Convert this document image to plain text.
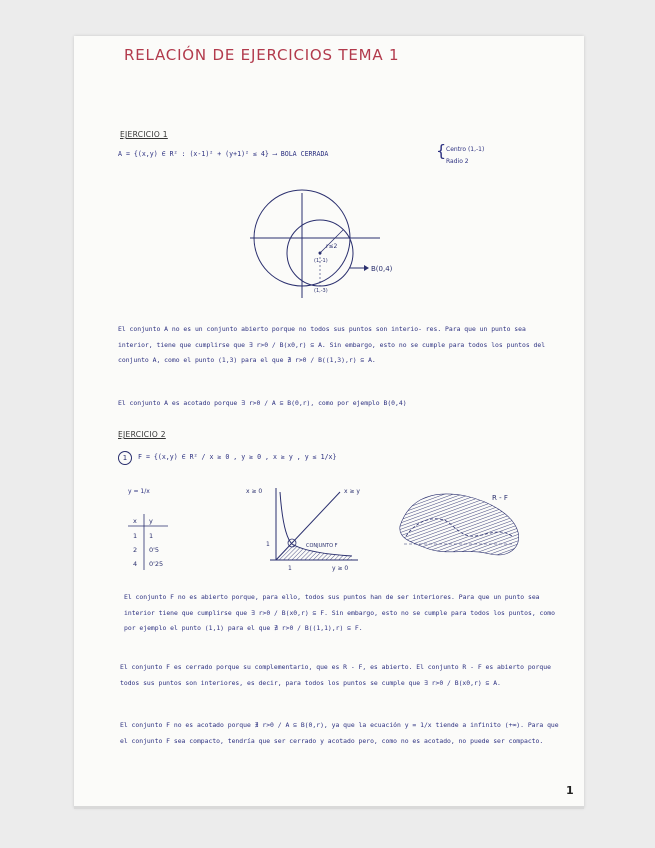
RELACIÓN DE EJERCICIOS TEMA 1
EJERCICIO 1
A = {(x,y) ∈ R² : (x-1)² + (y+1)² ≤ 4} ⟶ BOLA CERRADA	{ Centro (1,-1)
Radio 2
r≤2
(1,-1)
(1,-3)
B(0,4)
El conjunto A no es un conjunto abierto porque no todos sus puntos son interio- res. Para que un punto sea interior, tiene que cumplirse que ∃ r>0 / B(x0,r) ⊆ A. Sin embargo, esto no se cumple para todos los puntos del conjunto A, como el punto (1,3) para el que ∄ r>0 / B((1,3),r) ⊆ A.
El conjunto A es acotado porque ∃ r>0 / A ⊆ B(0,r), como por ejemplo B(0,4)
EJERCICIO 2
1	F = {(x,y) ∈ R² / x ≥ 0 , y ≥ 0 , x ≥ y , y ≤ 1/x}
y = 1/x
x y
1 1
2 0'5
4 0'25
x ≥ 0	x ≥ y
y ≥ 0
CONJUNTO F
1
1
R - F
El conjunto F no es abierto porque, para ello, todos sus puntos han de ser interiores. Para que un punto sea interior tiene que cumplirse que ∃ r>0 / B(x0,r) ⊆ F. Sin embargo, esto no se cumple para todos los puntos, como por ejemplo el punto (1,1) para el que ∄ r>0 / B((1,1),r) ⊆ F.
El conjunto F es cerrado porque su complementario, que es R - F, es abierto. El conjunto R - F es abierto porque todos sus puntos son interiores, es decir, para todos los puntos se cumple que ∃ r>0 / B(x0,r) ⊆ A.
El conjunto F no es acotado porque ∄ r>0 / A ⊆ B(0,r), ya que la ecuación y = 1/x tiende a infinito (+∞). Para que el conjunto F sea compacto, tendría que ser cerrado y acotado pero, como no es acotado, no puede ser compacto.
1
